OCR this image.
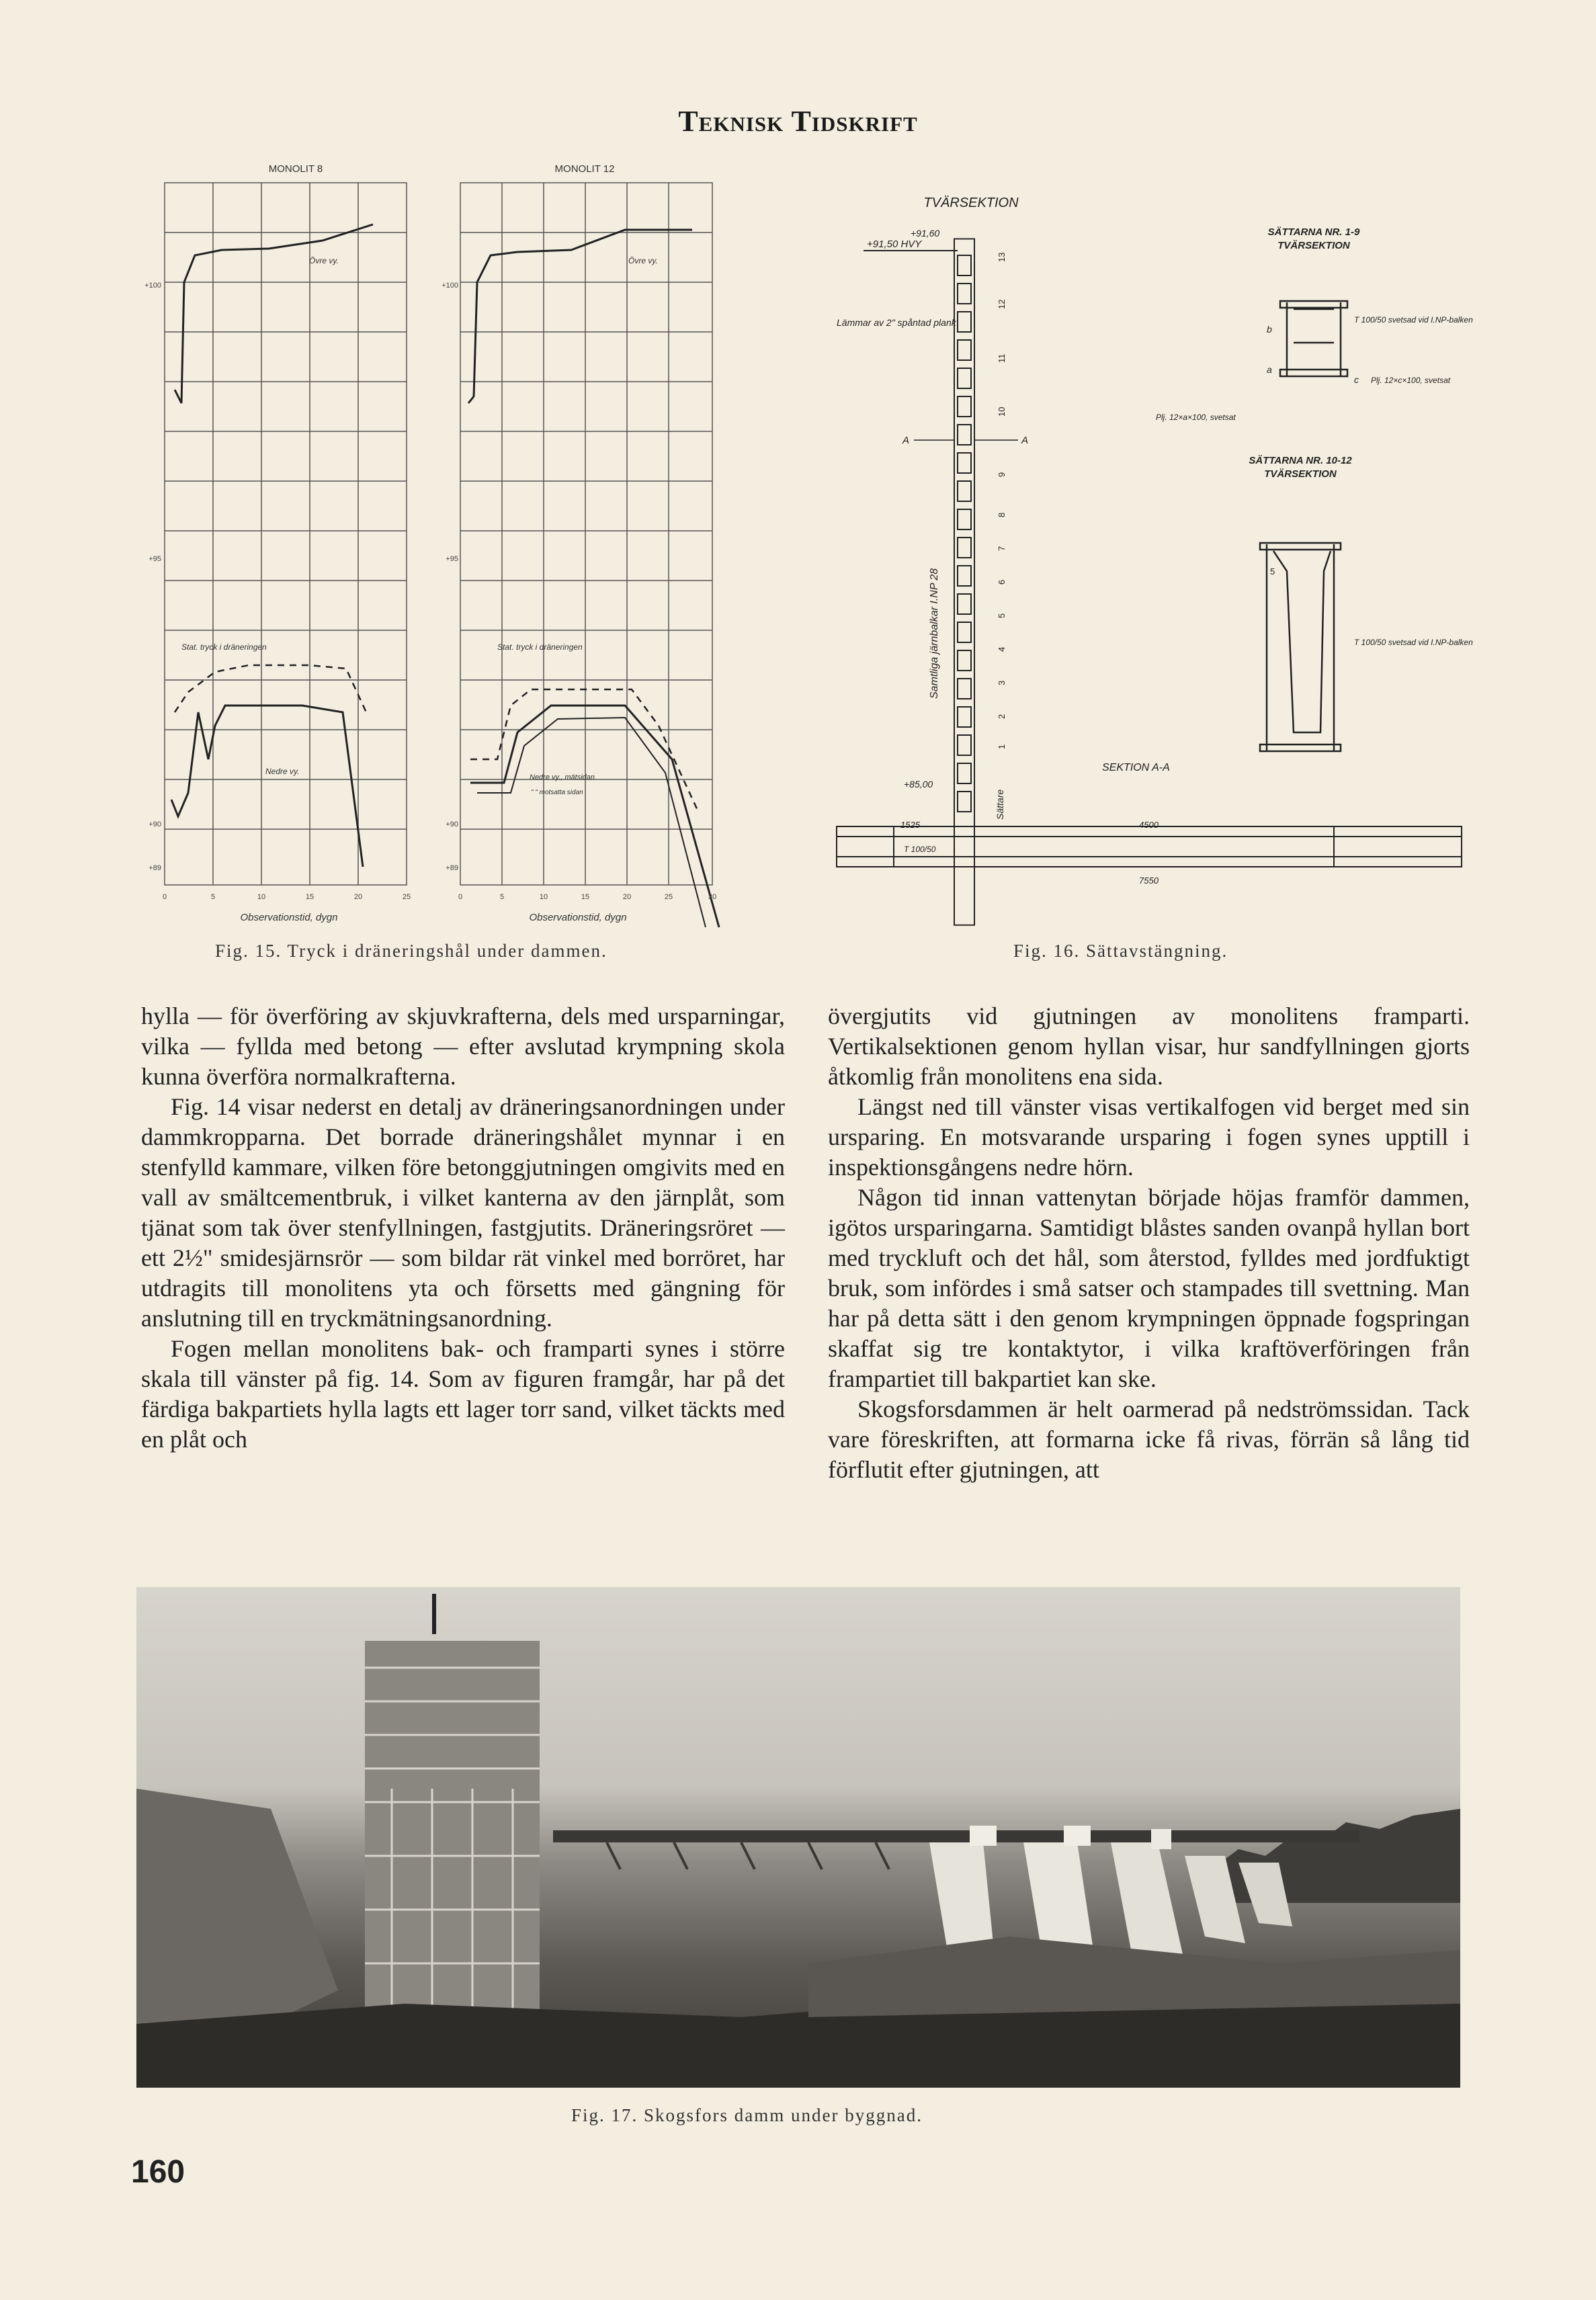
Teknisk Tidskrift
MONOLIT 8
Övre vy.
Stat. tryck i dräneringen
Nedre vy.
+100
+95
+90
+89
0	5	10	15	20	25
Observationstid, dygn
MONOLIT 12
Övre vy.
Stat. tryck i dräneringen
Nedre vy., mätsidan
" " motsatta sidan
+100
+95
+90
+89
0	5	10	15	20	25	30
Observationstid, dygn
Fig. 15. Tryck i dräneringshål under dammen.
TVÄRSEKTION
+91,50 HVY
+91,60
Lämmar av 2" spåntad plank
Samtliga järnbalkar I.NP 28
+85,00
Sättare
1
2
3
4
5
6
7
8
9
10
11
12
13
A	A
SÄTTARNA NR. 1-9
TVÄRSEKTION
b
a
c
T 100/50 svetsad vid I.NP-balken
Plj. 12×c×100, svetsat
Plj. 12×a×100, svetsat
SÄTTARNA NR. 10-12
TVÄRSEKTION
5
T 100/50 svetsad vid I.NP-balken
SEKTION A-A
1525	4500
7550
T 100/50
Fig. 16. Sättavstängning.

hylla — för överföring av skjuvkrafterna, dels med ursparningar, vilka — fyllda med betong — efter avslutad krympning skola kunna överföra normalkrafterna.

Fig. 14 visar nederst en detalj av dräneringsanordningen under dammkropparna. Det borrade dräneringshålet mynnar i en stenfylld kammare, vilken före betonggjutningen omgivits med en vall av smältcementbruk, i vilket kanterna av den järnplåt, som tjänat som tak över stenfyllningen, fastgjutits. Dräneringsröret — ett 2½" smidesjärnsrör — som bildar rät vinkel med borröret, har utdragits till monolitens yta och försetts med gängning för anslutning till en tryckmätningsanordning.

Fogen mellan monolitens bak- och framparti synes i större skala till vänster på fig. 14. Som av figuren framgår, har på det färdiga bakpartiets hylla lagts ett lager torr sand, vilket täckts med en plåt och

övergjutits vid gjutningen av monolitens framparti. Vertikalsektionen genom hyllan visar, hur sandfyllningen gjorts åtkomlig från monolitens ena sida.

Längst ned till vänster visas vertikalfogen vid berget med sin ursparing. En motsvarande ursparing i fogen synes upptill i inspektionsgångens nedre hörn.

Någon tid innan vattenytan började höjas framför dammen, igötos ursparingarna. Samtidigt blåstes sanden ovanpå hyllan bort med tryckluft och det hål, som återstod, fylldes med jordfuktigt bruk, som infördes i små satser och stampades till svettning. Man har på detta sätt i den genom krympningen öppnade fogspringan skaffat sig tre kontaktytor, i vilka kraftöverföringen från frampartiet till bakpartiet kan ske.

Skogsforsdammen är helt oarmerad på nedströmssidan. Tack vare föreskriften, att formarna icke få rivas, förrän så lång tid förflutit efter gjutningen, att

Fig. 17. Skogsfors damm under byggnad.
160
